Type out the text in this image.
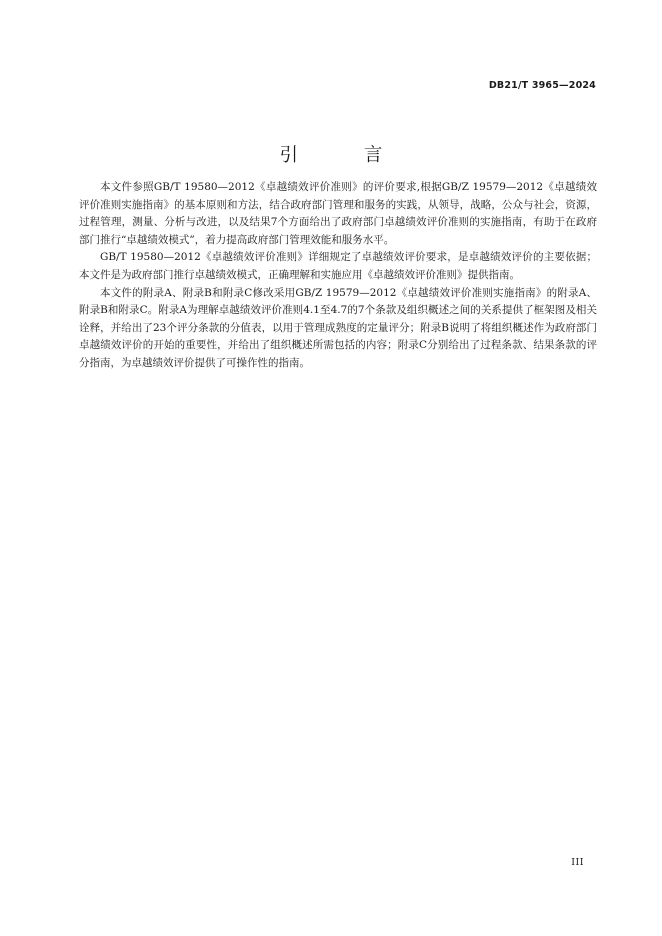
DB21/T 3965—2024
引 言

本文件参照GB/T 19580—2012《卓越绩效评价准则》的评价要求,根据GB/Z 19579—2012《卓越绩效评价准则实施指南》的基本原则和方法，结合政府部门管理和服务的实践，从领导，战略，公众与社会，资源，过程管理，测量、分析与改进，以及结果7个方面给出了政府部门卓越绩效评价准则的实施指南，有助于在政府部门推行“卓越绩效模式”，着力提高政府部门管理效能和服务水平。

GB/T 19580—2012《卓越绩效评价准则》详细规定了卓越绩效评价要求，是卓越绩效评价的主要依据；本文件是为政府部门推行卓越绩效模式，正确理解和实施应用《卓越绩效评价准则》提供指南。

本文件的附录A、附录B和附录C修改采用GB/Z 19579—2012《卓越绩效评价准则实施指南》的附录A、附录B和附录C。附录A为理解卓越绩效评价准则4.1至4.7的7个条款及组织概述之间的关系提供了框架图及相关诠释，并给出了23个评分条款的分值表，以用于管理成熟度的定量评分；附录B说明了将组织概述作为政府部门卓越绩效评价的开始的重要性，并给出了组织概述所需包括的内容；附录C分别给出了过程条款、结果条款的评分指南，为卓越绩效评价提供了可操作性的指南。

III
